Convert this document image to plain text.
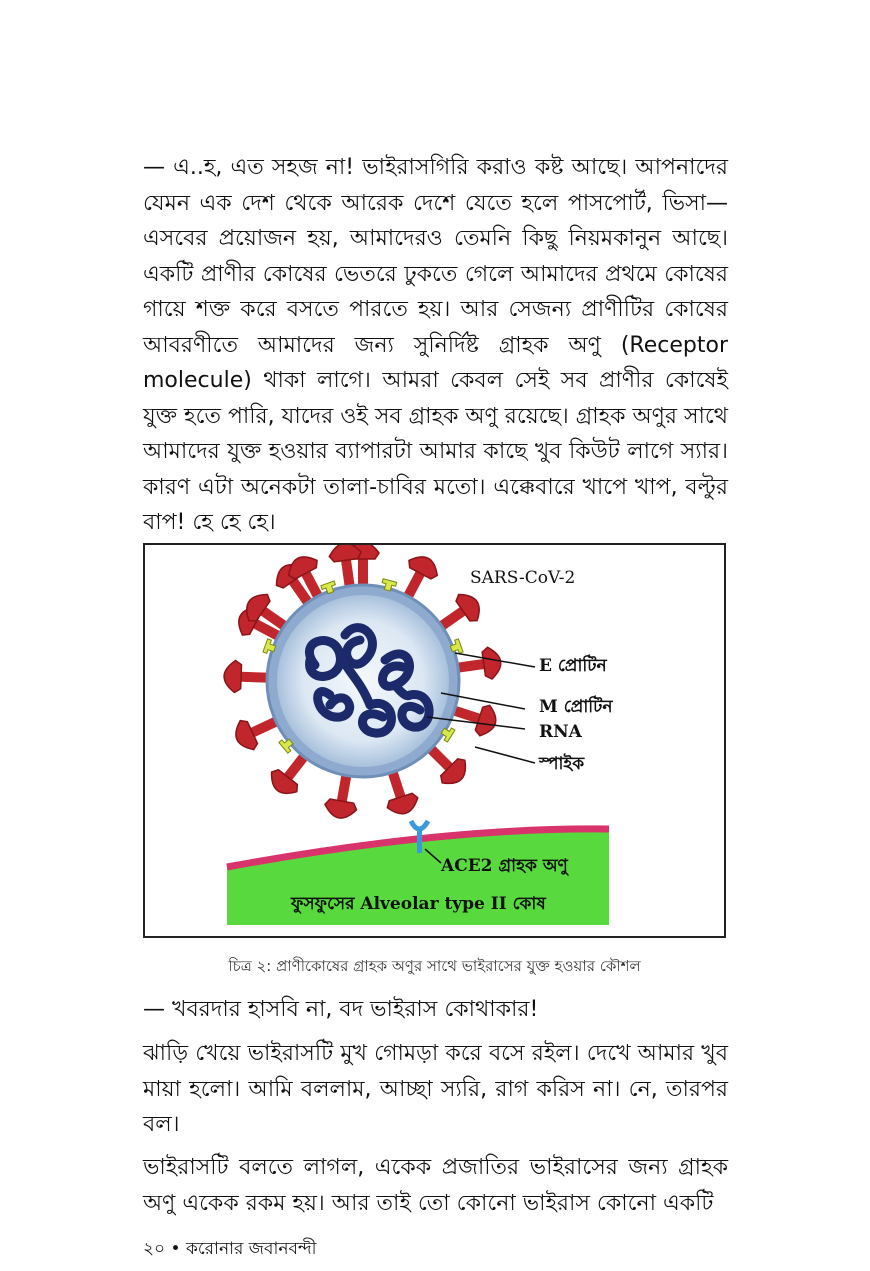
— এ..হ, এত সহজ না! ভাইরাসগিরি করাও কষ্ট আছে। আপনাদের যেমন এক দেশ থেকে আরেক দেশে যেতে হলে পাসপোর্ট, ভিসা— এসবের প্রয়োজন হয়, আমাদেরও তেমনি কিছু নিয়মকানুন আছে। একটি প্রাণীর কোষের ভেতরে ঢুকতে গেলে আমাদের প্রথমে কোষের গায়ে শক্ত করে বসতে পারতে হয়। আর সেজন্য প্রাণীটির কোষের আবরণীতে আমাদের জন্য সুনির্দিষ্ট গ্রাহক অণু (Receptor molecule) থাকা লাগে। আমরা কেবল সেই সব প্রাণীর কোষেই যুক্ত হতে পারি, যাদের ওই সব গ্রাহক অণু রয়েছে। গ্রাহক অণুর সাথে আমাদের যুক্ত হওয়ার ব্যাপারটা আমার কাছে খুব কিউট লাগে স্যার। কারণ এটা অনেকটা তালা-চাবির মতো। এক্কেবারে খাপে খাপ, বল্টুর বাপ! হে হে হে।

SARS-CoV-2
E প্রোটিন
M প্রোটিন
RNA
স্পাইক
ACE2 গ্রাহক অণু
ফুসফুসের Alveolar type II কোষ
চিত্র ২: প্রাণীকোষের গ্রাহক অণুর সাথে ভাইরাসের যুক্ত হওয়ার কৌশল

— খবরদার হাসবি না, বদ ভাইরাস কোথাকার!

ঝাড়ি খেয়ে ভাইরাসটি মুখ গোমড়া করে বসে রইল। দেখে আমার খুব মায়া হলো। আমি বললাম, আচ্ছা স্যরি, রাগ করিস না। নে, তারপর বল।

ভাইরাসটি বলতে লাগল, একেক প্রজাতির ভাইরাসের জন্য গ্রাহক অণু একেক রকম হয়। আর তাই তো কোনো ভাইরাস কোনো একটি

২০ • করোনার জবানবন্দী
